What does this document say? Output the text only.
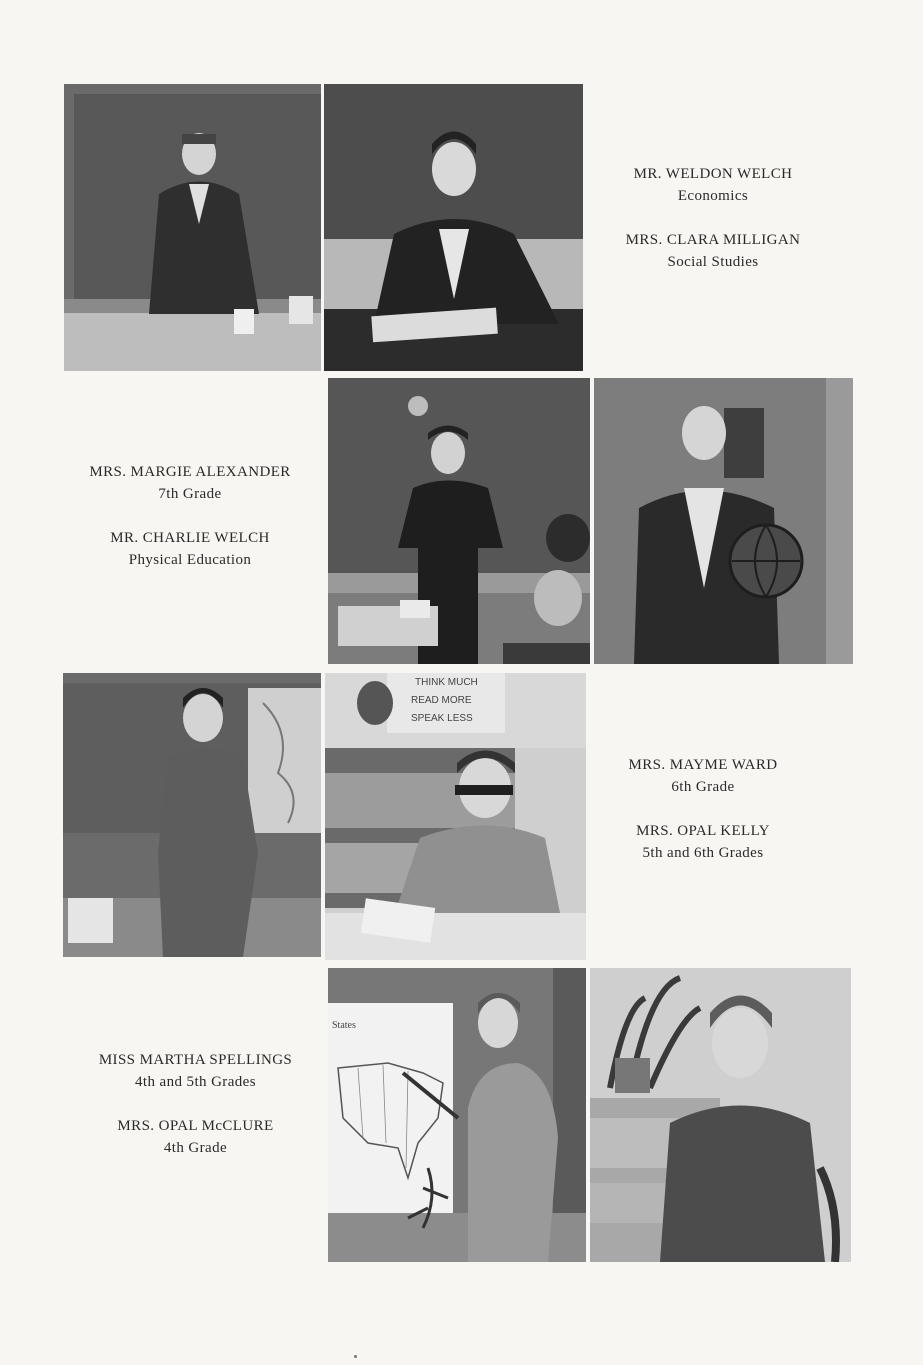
MR. WELDON WELCH
Economics
MRS. CLARA MILLIGAN
Social Studies
MRS. MARGIE ALEXANDER
7th Grade
MR. CHARLIE WELCH
Physical Education
THINK MUCH
READ MORE
SPEAK LESS
MRS. MAYME WARD
6th Grade
MRS. OPAL KELLY
5th and 6th Grades
MISS MARTHA SPELLINGS
4th and 5th Grades
MRS. OPAL McCLURE
4th Grade
States
